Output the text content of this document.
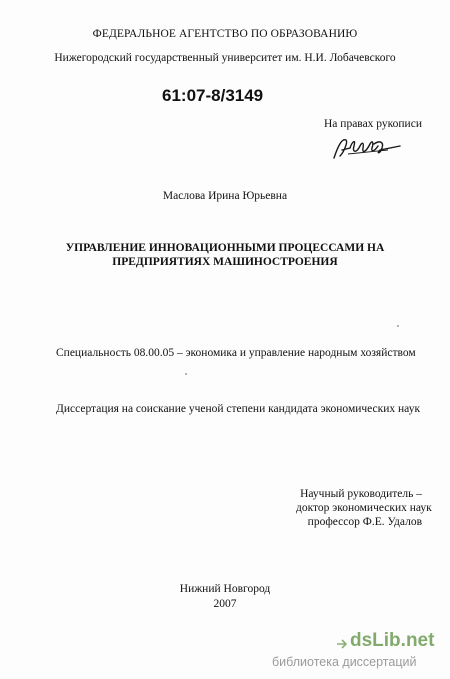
ФЕДЕРАЛЬНОЕ АГЕНТСТВО ПО ОБРАЗОВАНИЮ
Нижегородский государственный университет им. Н.И. Лобачевского
61:07-8/3149
На правах рукописи
Маслова Ирина Юрьевна
УПРАВЛЕНИЕ ИННОВАЦИОННЫМИ ПРОЦЕССАМИ НА
ПРЕДПРИЯТИЯХ МАШИНОСТРОЕНИЯ
Специальность 08.00.05 – экономика и управление народным хозяйством
Диссертация на соискание ученой степени кандидата экономических наук
Научный руководитель –
доктор экономических наук
профессор Ф.Е. Удалов
Нижний Новгород
2007
dsLib.net
библиотека диссертаций
